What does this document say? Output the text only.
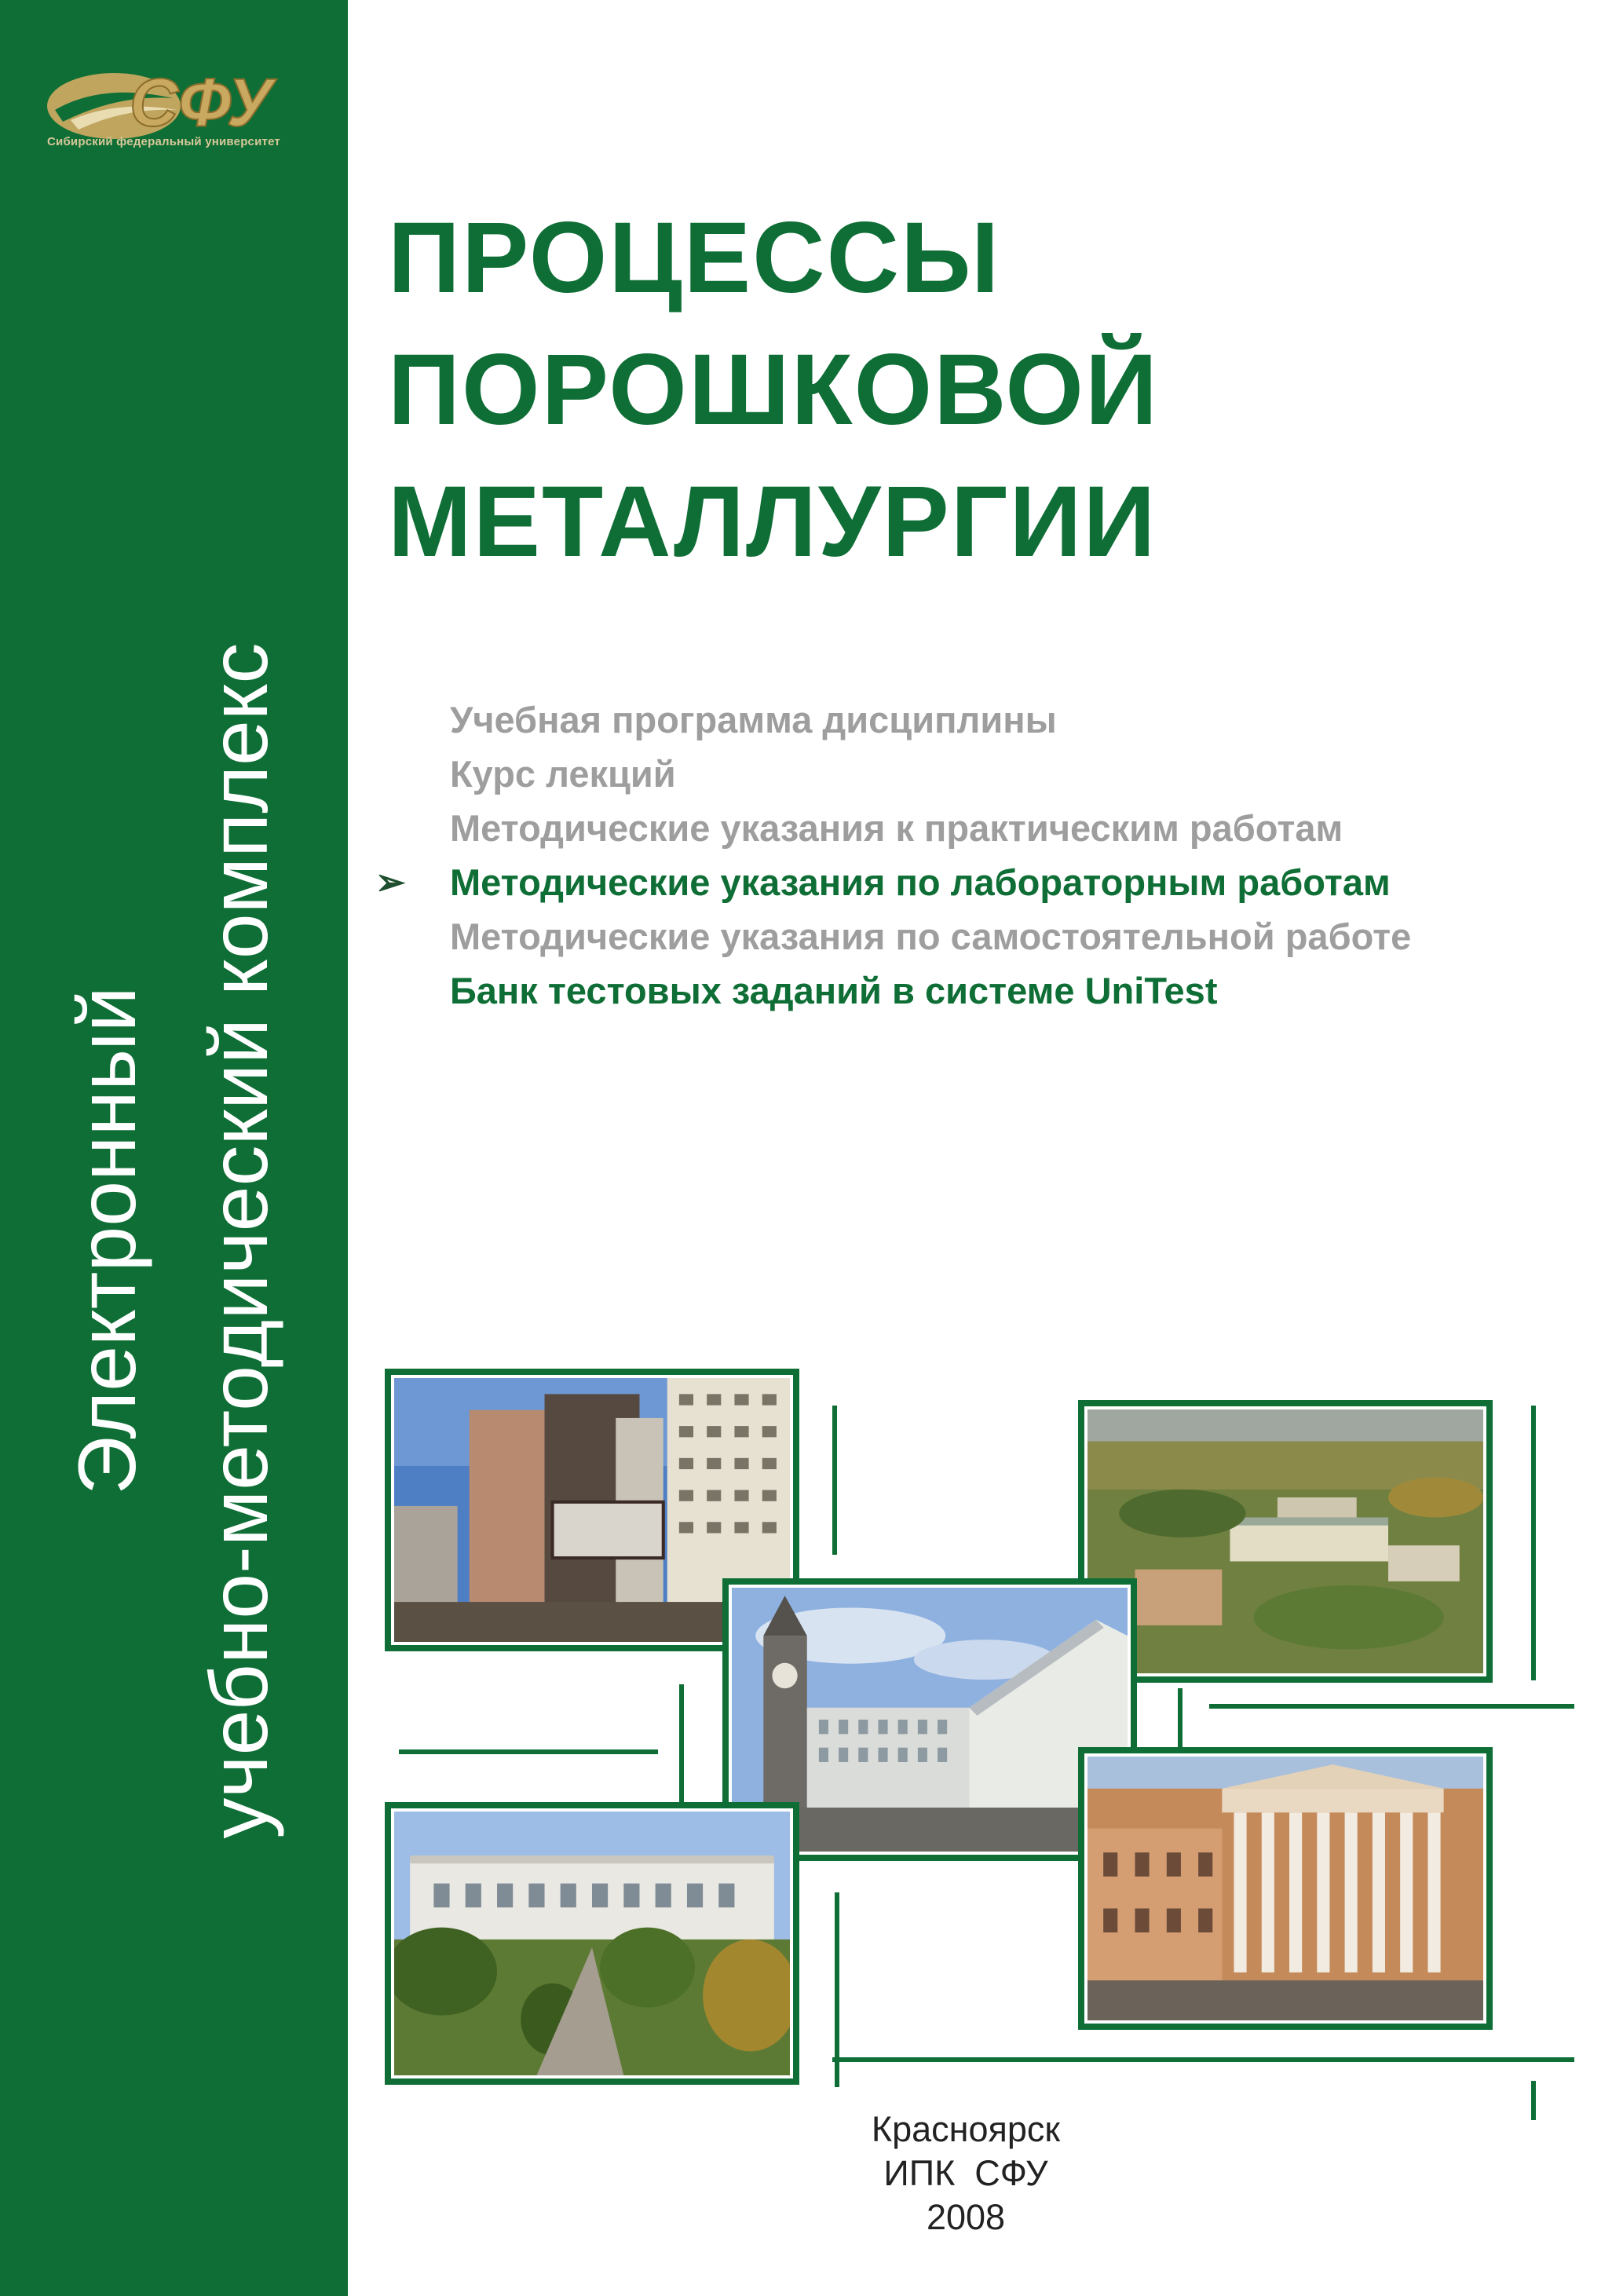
СФУ
Сибирский федеральный университет
Электронный учебно-методический комплекс
ПРОЦЕССЫ
ПОРОШКОВОЙ
МЕТАЛЛУРГИИ
Учебная программа дисциплины
Курс лекций
Методические указания к практическим работам
➢ Методические указания по лабораторным работам
Методические указания по самостоятельной работе
Банк тестовых заданий в системе UniTest
Красноярск
ИПК  СФУ
2008
